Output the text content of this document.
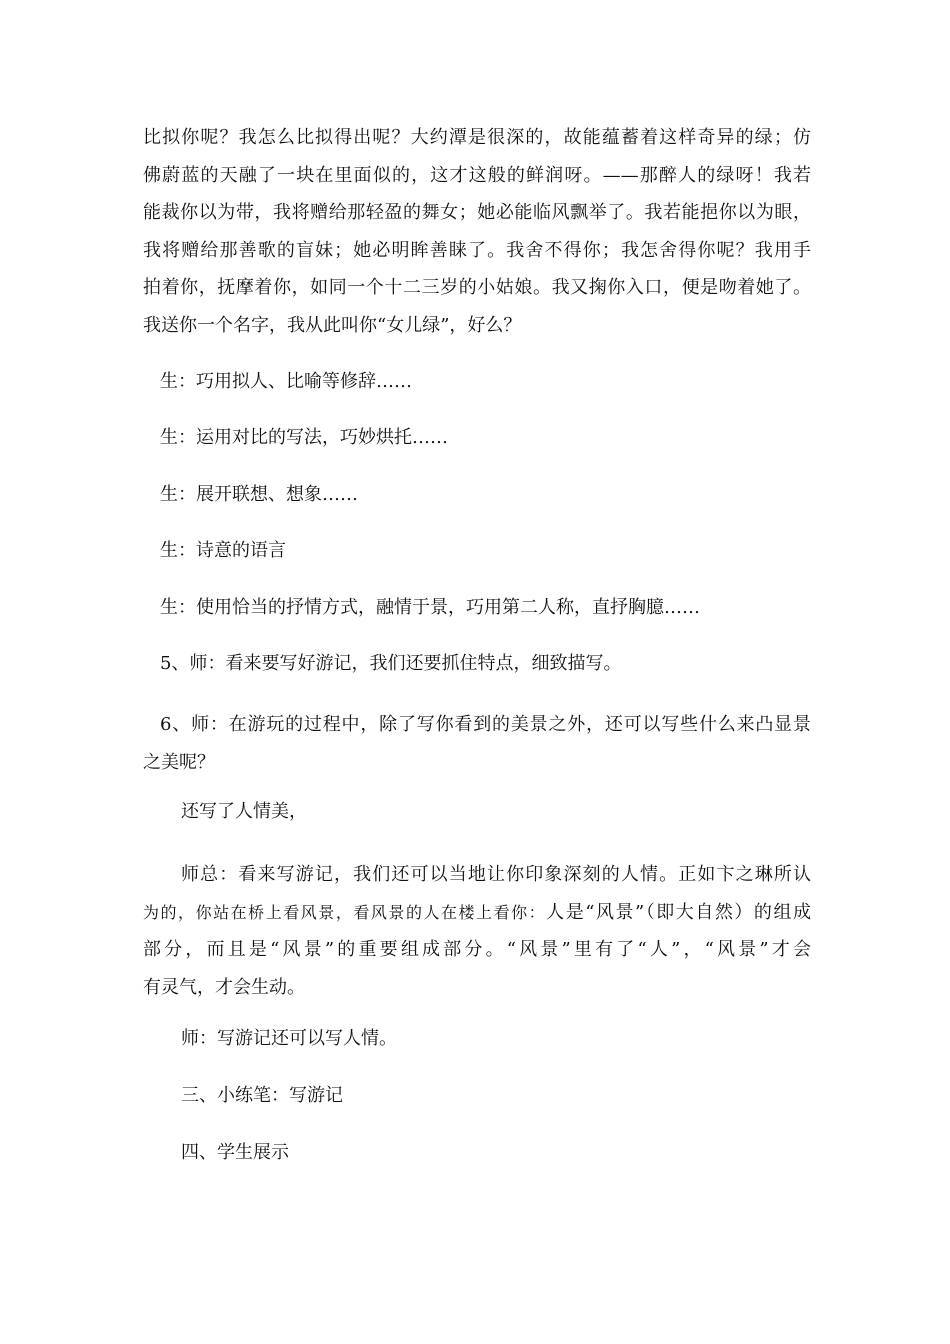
比拟你呢？我怎么比拟得出呢？大约潭是很深的，故能蕴蓄着这样奇异的绿；仿
佛蔚蓝的天融了一块在里面似的，这才这般的鲜润呀。——那醉人的绿呀！我若
能裁你以为带，我将赠给那轻盈的舞女；她必能临风飘举了。我若能挹你以为眼，
我将赠给那善歌的盲妹；她必明眸善睐了。我舍不得你；我怎舍得你呢？我用手
拍着你，抚摩着你，如同一个十二三岁的小姑娘。我又掬你入口，便是吻着她了。
我送你一个名字，我从此叫你“女儿绿”，好么？

生：巧用拟人、比喻等修辞……

生：运用对比的写法，巧妙烘托……

生：展开联想、想象……

生：诗意的语言

生：使用恰当的抒情方式，融情于景，巧用第二人称，直抒胸臆……

5、师：看来要写好游记，我们还要抓住特点，细致描写。

6、师：在游玩的过程中，除了写你看到的美景之外，还可以写些什么来凸显景
之美呢？

还写了人情美，

师总：看来写游记，我们还可以当地让你印象深刻的人情。正如卞之琳所认
为的，你站在桥上看风景，看风景的人在楼上看你：人是“风景”（即大自然）的组成
部分，而且是“风景”的重要组成部分。“风景”里有了“人”，“风景”才会
有灵气，才会生动。

师：写游记还可以写人情。

三、小练笔：写游记

四、学生展示
